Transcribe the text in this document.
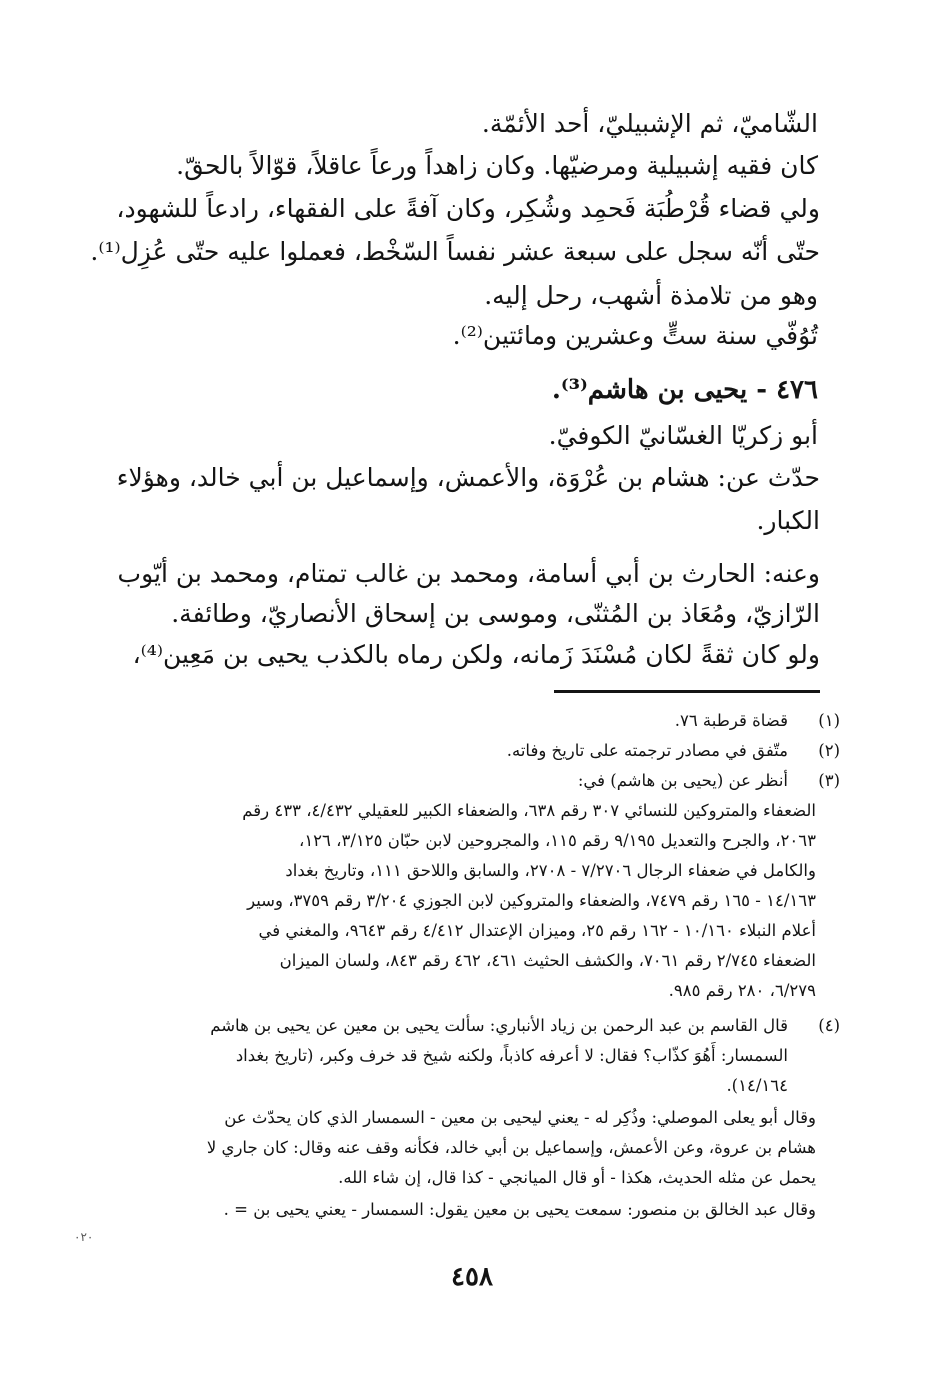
الشّاميّ، ثم الإشبيليّ، أحد الأئمّة.
كان فقيه إشبيلية ومرضيّها. وكان زاهداً ورعاً عاقلاً، قوّالاً بالحقّ.
ولي قضاء قُرْطُبَة فَحمِد وشُكِر، وكان آفةً على الفقهاء، رادعاً للشهود،
حتّى أنّه سجل على سبعة عشر نفساً السّخْط، فعملوا عليه حتّى عُزِل⁽¹⁾.
وهو من تلامذة أشهب، رحل إليه.
تُوُفّي سنة ستٍّ وعشرين ومائتين⁽²⁾.
٤٧٦ - يحيى بن هاشم⁽³⁾.
أبو زكريّا الغسّانيّ الكوفيّ.
حدّث عن: هشام بن عُرْوَة، والأعمش، وإسماعيل بن أبي خالد، وهؤلاء
الكبار.
وعنه: الحارث بن أبي أسامة، ومحمد بن غالب تمتام، ومحمد بن أيّوب
الرّازيّ، ومُعَاذ بن المُثنّى، وموسى بن إسحاق الأنصاريّ، وطائفة.
ولو كان ثقةً لكان مُسْنَدَ زَمانه، ولكن رماه بالكذب يحيى بن مَعِين⁽⁴⁾،
(١)
قضاة قرطبة ٧٦.
(٢)
متّفق في مصادر ترجمته على تاريخ وفاته.
(٣)
أنظر عن (يحيى بن هاشم) في:
الضعفاء والمتروكين للنسائي ٣٠٧ رقم ٦٣٨، والضعفاء الكبير للعقيلي ٤/٤٣٢، ٤٣٣ رقم
٢٠٦٣، والجرح والتعديل ٩/١٩٥ رقم ١١٥، والمجروحين لابن حبّان ٣/١٢٥، ١٢٦،
والكامل في ضعفاء الرجال ٧/٢٧٠٦ - ٢٧٠٨، والسابق واللاحق ١١١، وتاريخ بغداد
١٤/١٦٣ - ١٦٥ رقم ٧٤٧٩، والضعفاء والمتروكين لابن الجوزي ٣/٢٠٤ رقم ٣٧٥٩، وسير
أعلام النبلاء ١٠/١٦٠ - ١٦٢ رقم ٢٥، وميزان الإعتدال ٤/٤١٢ رقم ٩٦٤٣، والمغني في
الضعفاء ٢/٧٤٥ رقم ٧٠٦١، والكشف الحثيث ٤٦١، ٤٦٢ رقم ٨٤٣، ولسان الميزان
٦/٢٧٩، ٢٨٠ رقم ٩٨٥.
(٤)
قال القاسم بن عبد الرحمن بن زياد الأنباري: سألت يحيى بن معين عن يحيى بن هاشم
السمسار: أَهُوَ كذّاب؟ فقال: لا أعرفه كاذباً، ولكنه شيخ قد خرف وكبر، (تاريخ بغداد
١٤/١٦٤).
وقال أبو يعلى الموصلي: وذُكِر له - يعني ليحيى بن معين - السمسار الذي كان يحدّث عن
هشام بن عروة، وعن الأعمش، وإسماعيل بن أبي خالد، فكأنه وقف عنه وقال: كان جاري لا
يحمل عن مثله الحديث، هكذا - أو قال الميانجي - كذا قال، إن شاء الله.
وقال عبد الخالق بن منصور: سمعت يحيى بن معين يقول: السمسار - يعني يحيى بن = .
٠٢٠
٤٥٨
